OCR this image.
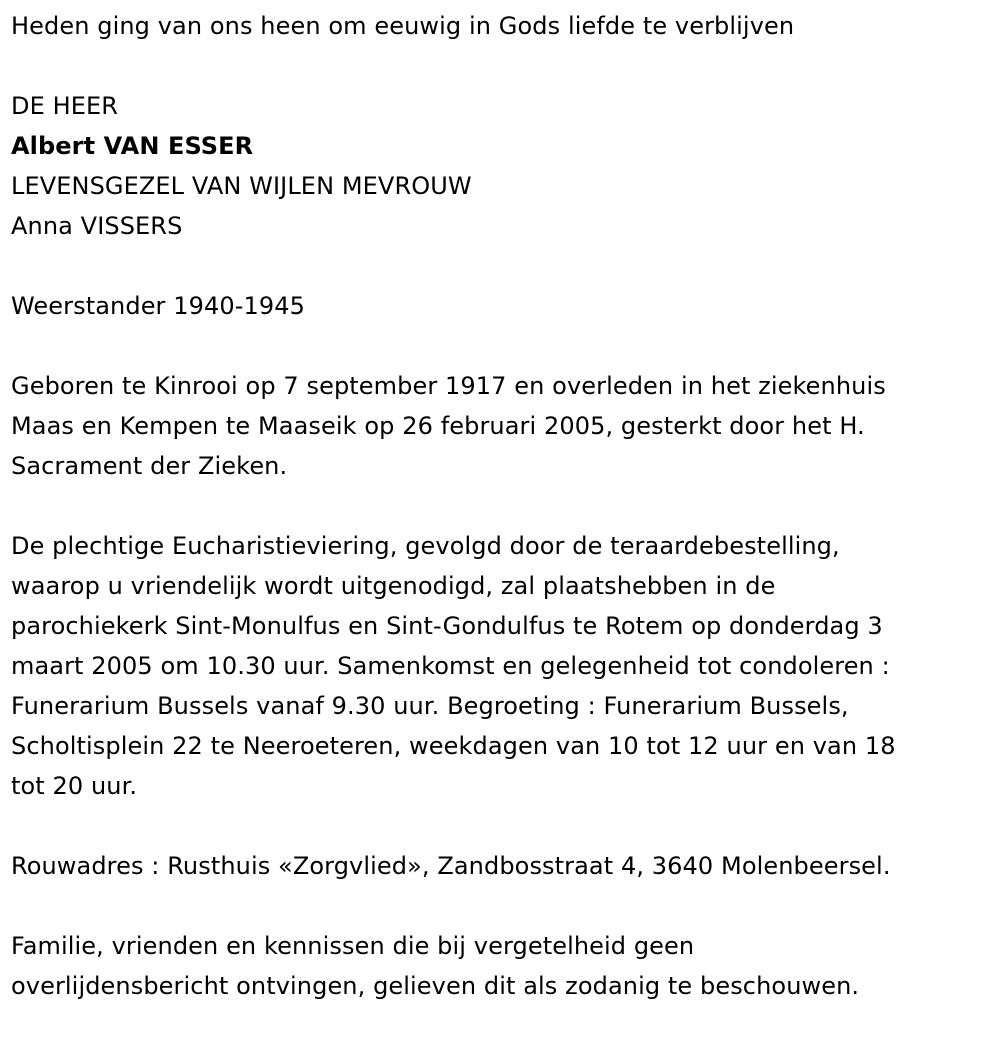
Heden ging van ons heen om eeuwig in Gods liefde te verblijven
DE HEER
Albert VAN ESSER
LEVENSGEZEL VAN WIJLEN MEVROUW
Anna VISSERS
Weerstander 1940-1945
Geboren te Kinrooi op 7 september 1917 en overleden in het ziekenhuis
Maas en Kempen te Maaseik op 26 februari 2005, gesterkt door het H.
Sacrament der Zieken.
De plechtige Eucharistieviering, gevolgd door de teraardebestelling,
waarop u vriendelijk wordt uitgenodigd, zal plaatshebben in de
parochiekerk Sint-Monulfus en Sint-Gondulfus te Rotem op donderdag 3
maart 2005 om 10.30 uur. Samenkomst en gelegenheid tot condoleren :
Funerarium Bussels vanaf 9.30 uur. Begroeting : Funerarium Bussels,
Scholtisplein 22 te Neeroeteren, weekdagen van 10 tot 12 uur en van 18
tot 20 uur.
Rouwadres : Rusthuis «Zorgvlied», Zandbosstraat 4, 3640 Molenbeersel.
Familie, vrienden en kennissen die bij vergetelheid geen
overlijdensbericht ontvingen, gelieven dit als zodanig te beschouwen.
